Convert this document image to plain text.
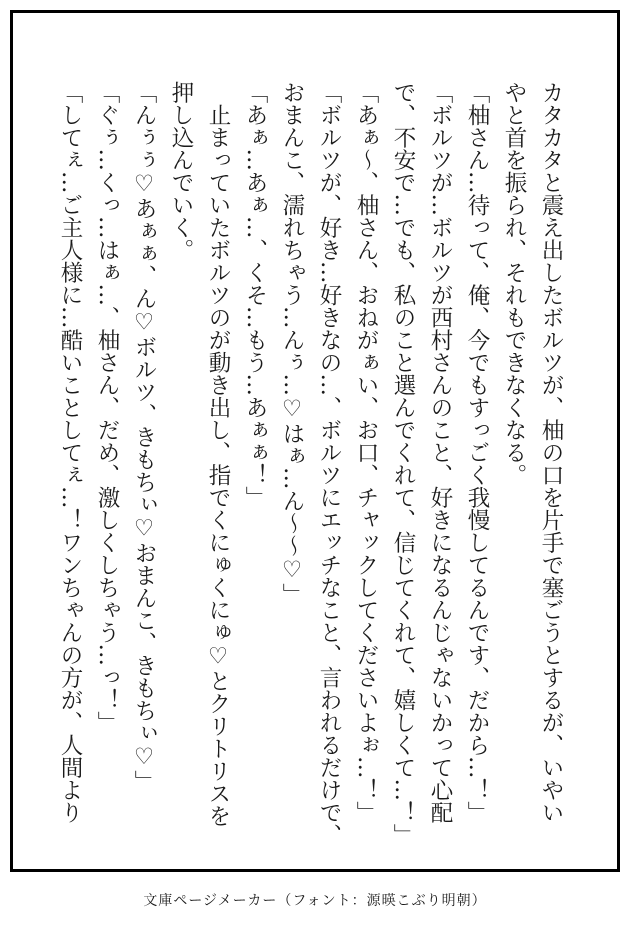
カタカタと震え出したボルツが、柚の口を片手で塞ごうとするが、いやい

やと首を振られ、それもできなくなる。

「柚さん…待って、俺、今でもすっごく我慢してるんです、だから…！」

「ボルツが…ボルツが西村さんのこと、好きになるんじゃないかって心配

で、不安で…でも、私のこと選んでくれて、信じてくれて、嬉しくて…！」

「あぁ～、柚さん、おねがぁい、お口、チャックしてくださいよぉ…！」

「ボルツが、好き…好きなの…、ボルツにエッチなこと、言われるだけで、

おまんこ、濡れちゃう…んぅ…♡はぁ…ん～～♡」

「あぁ…あぁ…、くそ…もう…あぁぁ！」

　止まっていたボルツのが動き出し、指でくにゅくにゅ♡とクリトリスを

押し込んでいく。

「んぅぅ♡あぁぁ、ん♡ボルツ、きもちぃ♡おまんこ、きもちぃ♡」

「ぐぅ…くっ…はぁ…、柚さん、だめ、激しくしちゃう…っ！」

「してぇ…ご主人様に…酷いことしてぇ…！ワンちゃんの方が、人間より

文庫ページメーカー（フォント：源暎こぶり明朝）
